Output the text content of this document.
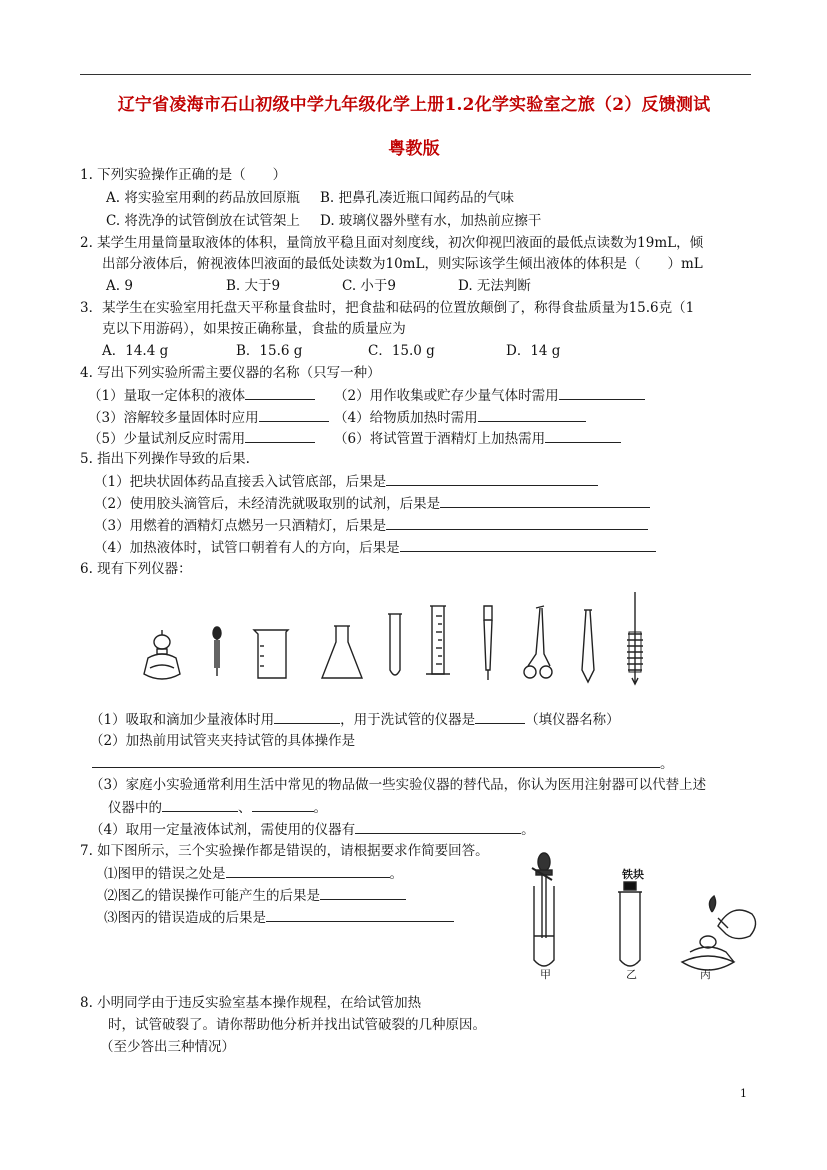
辽宁省凌海市石山初级中学九年级化学上册1.2化学实验室之旅（2）反馈测试
粤教版
1. 下列实验操作正确的是（　　）
A. 将实验室用剩的药品放回原瓶 B. 把鼻孔凑近瓶口闻药品的气味
C. 将洗净的试管倒放在试管架上 D. 玻璃仪器外壁有水，加热前应擦干
2. 某学生用量筒量取液体的体积，量筒放平稳且面对刻度线，初次仰视凹液面的最低点读数为19mL，倾
出部分液体后，俯视液体凹液面的最低处读数为10mL，则实际该学生倾出液体的体积是（　　）mL
A. 9	B. 大于9	C. 小于9	D. 无法判断
3．某学生在实验室用托盘天平称量食盐时，把食盐和砝码的位置放颠倒了，称得食盐质量为15.6克（1
克以下用游码），如果按正确称量，食盐的质量应为
A．14.4 g	B．15.6 g	C．15.0 g	D．14 g
4. 写出下列实验所需主要仪器的名称（只写一种）
（1）量取一定体积的液体	（2）用作收集或贮存少量气体时需用
（3）溶解较多量固体时应用	（4）给物质加热时需用
（5）少量试剂反应时需用	（6）将试管置于酒精灯上加热需用
5. 指出下列操作导致的后果.
（1）把块状固体药品直接丢入试管底部，后果是
（2）使用胶头滴管后，未经清洗就吸取别的试剂，后果是
（3）用燃着的酒精灯点燃另一只酒精灯，后果是
（4）加热液体时，试管口朝着有人的方向，后果是
6. 现有下列仪器：
（1）吸取和滴加少量液体时用	，用于洗试管的仪器是	（填仪器名称）
（2）加热前用试管夹夹持试管的具体操作是
。
（3）家庭小实验通常利用生活中常见的物品做一些实验仪器的替代品，你认为医用注射器可以代替上述
仪器中的	、	。
（4）取用一定量液体试剂，需使用的仪器有	。
7. 如下图所示，三个实验操作都是错误的，请根据要求作简要回答。
⑴图甲的错误之处是	。
⑵图乙的错误操作可能产生的后果是
⑶图丙的错误造成的后果是
铁块
甲	乙	丙
8. 小明同学由于违反实验室基本操作规程，在给试管加热
时，试管破裂了。请你帮助他分析并找出试管破裂的几种原因。
（至少答出三种情况）
1
